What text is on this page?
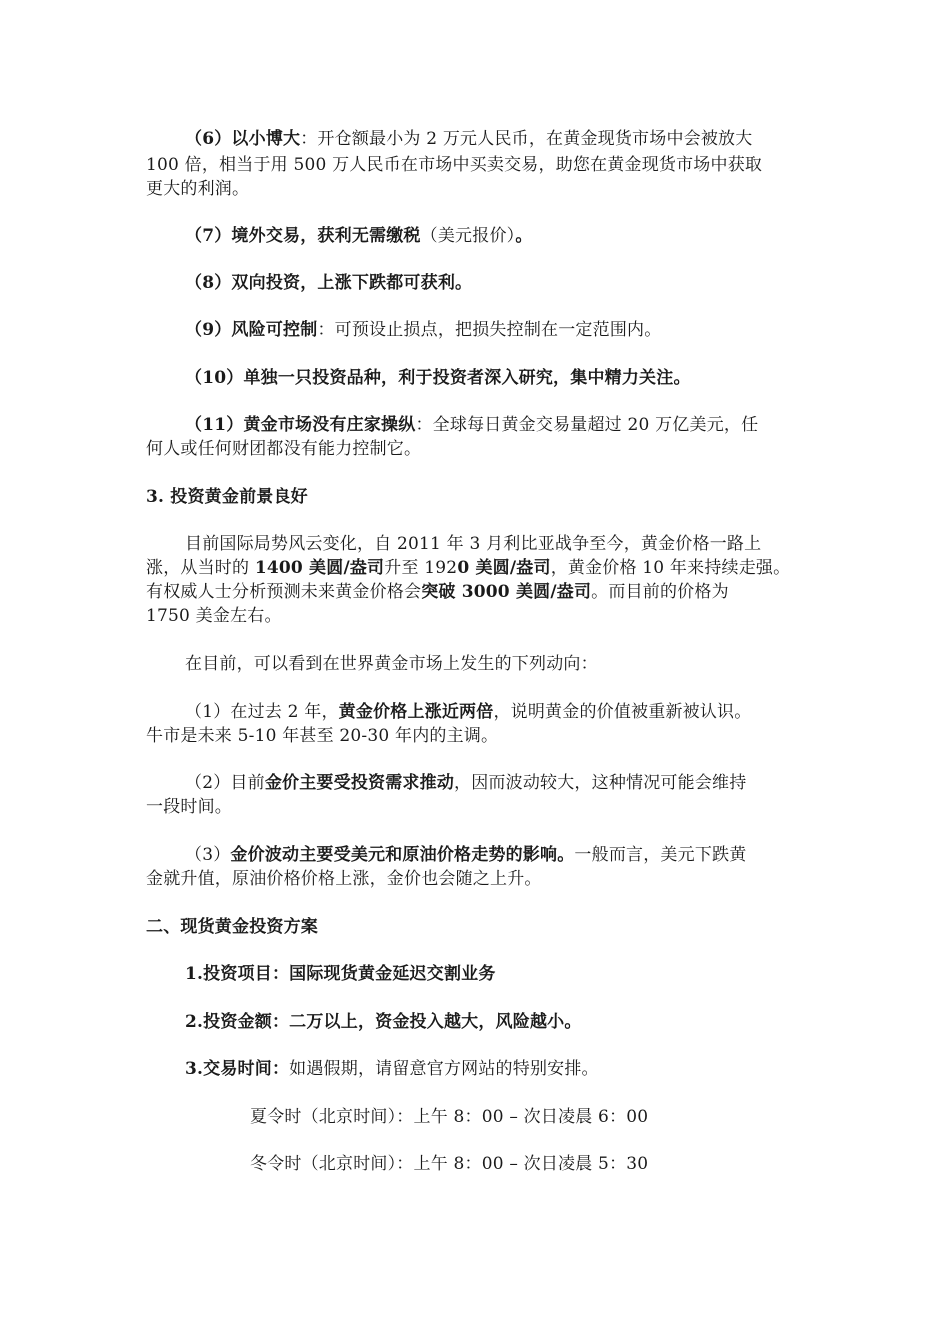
（6）以小博大：开仓额最小为 2 万元人民币，在黄金现货市场中会被放大
100 倍，相当于用 500 万人民币在市场中买卖交易，助您在黄金现货市场中获取
更大的利润。
（7）境外交易，获利无需缴税（美元报价）。
（8）双向投资，上涨下跌都可获利。
（9）风险可控制：可预设止损点，把损失控制在一定范围内。
（10）单独一只投资品种，利于投资者深入研究，集中精力关注。
（11）黄金市场没有庄家操纵：全球每日黄金交易量超过 20 万亿美元，任
何人或任何财团都没有能力控制它。
3. 投资黄金前景良好
目前国际局势风云变化，自 2011 年 3 月利比亚战争至今，黄金价格一路上
涨，从当时的 1400 美圆/盎司升至 1920 美圆/盎司，黄金价格 10 年来持续走强。
有权威人士分析预测未来黄金价格会突破 3000 美圆/盎司。而目前的价格为
1750 美金左右。
在目前，可以看到在世界黄金市场上发生的下列动向：
（1）在过去 2 年，黄金价格上涨近两倍，说明黄金的价值被重新被认识。
牛市是未来 5-10 年甚至 20-30 年内的主调。
（2）目前金价主要受投资需求推动，因而波动较大，这种情况可能会维持
一段时间。
（3）金价波动主要受美元和原油价格走势的影响。一般而言，美元下跌黄
金就升值，原油价格价格上涨，金价也会随之上升。
二、现货黄金投资方案
1.投资项目：国际现货黄金延迟交割业务
2.投资金额：二万以上，资金投入越大，风险越小。
3.交易时间：如遇假期，请留意官方网站的特别安排。
夏令时（北京时间）：上午 8：00 – 次日凌晨 6：00
冬令时（北京时间）：上午 8：00 – 次日凌晨 5：30
